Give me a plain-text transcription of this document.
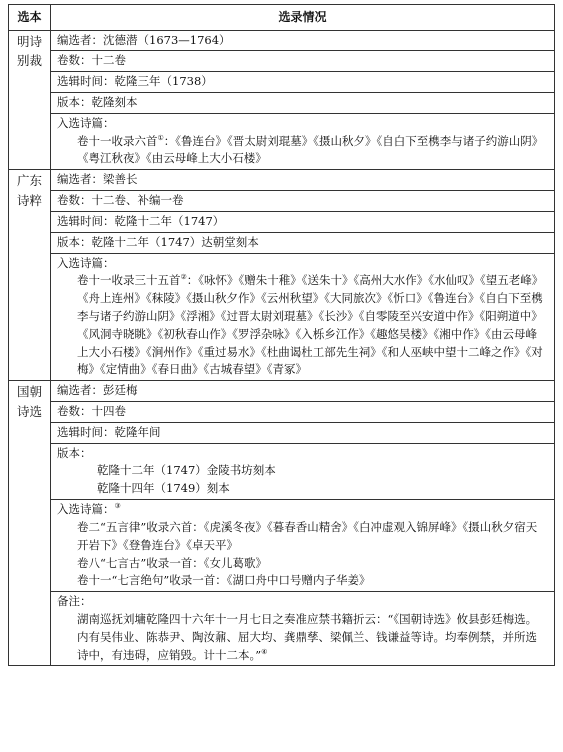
选本	选录情况
明诗
别裁	编选者：沈德潜（1673—1764）
	卷数：十二卷
	选辑时间：乾隆三年（1738）
	版本：乾隆刻本

	入选诗篇：

卷十一收录六首①：《鲁连台》《晋太尉刘琨墓》《摄山秋夕》《自白下至槜李与诸子约游山阴》《粤江秋夜》《由云母峰上大小石楼》

广东
诗粹	编选者：梁善长
	卷数：十二卷、补编一卷
	选辑时间：乾隆十二年（1747）
	版本：乾隆十二年（1747）达朝堂刻本

	入选诗篇：

卷十一收录三十五首②：《咏怀》《赠朱十稚》《送朱十》《高州大水作》《水仙叹》《望五老峰》《舟上连州》《秣陵》《摄山秋夕作》《云州秋望》《大同旅次》《忻口》《鲁连台》《自白下至槜李与诸子约游山阴》《浮湘》《过晋太尉刘琨墓》《长沙》《自零陵至兴安道中作》《阳朔道中》《风洞寺晓眺》《初秋春山作》《罗浮杂咏》《入栎乡江作》《趣悠吴楼》《湘中作》《由云母峰上大小石楼》《涧州作》《重过易水》《杜曲谒杜工部先生祠》《和人巫峡中望十二峰之作》《对梅》《定情曲》《春日曲》《古城春望》《青冢》

国朝
诗选	编选者：彭廷梅
	卷数：十四卷
	选辑时间：乾隆年间

	版本：

乾隆十二年（1747）金陵书坊刻本

乾隆十四年（1749）刻本

	入选诗篇：③

卷二“五言律”收录六首：《虎溪冬夜》《暮春香山精舍》《白冲虚观入锦屏峰》《摄山秋夕宿天开岩下》《登鲁连台》《卓天平》

卷八“七言古”收录一首：《女儿葛歌》

卷十一“七言绝句”收录一首：《湖口舟中口号赠内子华姜》

	备注：

湖南巡抚刘墉乾隆四十六年十一月七日之奏准应禁书籍折云：“《国朝诗选》攸县彭廷梅选。内有吴伟业、陈恭尹、陶汝鼐、屈大均、龚鼎孳、梁佩兰、钱谦益等诗。均奉例禁，并所选诗中，有违碍，应销毁。计十二本。”④
